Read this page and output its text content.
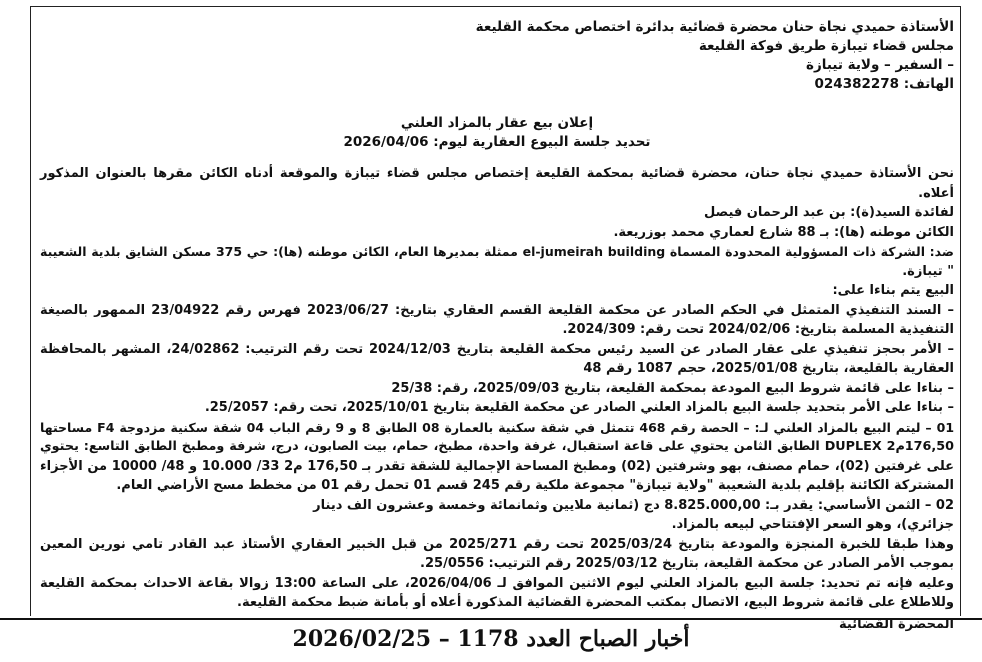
الأستاذة حميدي نجاة حنان محضرة قضائية بدائرة اختصاص محكمة القليعة
مجلس قضاء تيبازة طريق فوكة القليعة
– السفير – ولاية تيبازة
الهاتف: 024382278
إعلان بيع عقار بالمزاد العلني
تحديد جلسة البيوع العقارية ليوم: 2026/04/06
نحن الأستاذة حميدي نجاة حنان، محضرة قضائية بمحكمة القليعة إختصاص مجلس قضاء تيبازة والموقعة أدناه الكائن مقرها بالعنوان المذكور
أعلاه.
لفائدة السيد(ة): بن عبد الرحمان فيصل
الكائن موطنه (ها): بـ 88 شارع لعماري محمد بوزريعة.
ضد: الشركة ذات المسؤولية المحدودة المسماة el-jumeirah building ممثلة بمديرها العام، الكائن موطنه (ها): حي 375 مسكن الشايق بلدية الشعيبة
" تيبازة.
البيع يتم بناءا على:
– السند التنفيذي المتمثل في الحكم الصادر عن محكمة القليعة القسم العقاري بتاريخ: 2023/06/27 فهرس رقم 23/04922 الممهور بالصيغة
التنفيذية المسلمة بتاريخ: 2024/02/06 تحت رقم: 2024/309.
– الأمر بحجز تنفيذي على عقار الصادر عن السيد رئيس محكمة القليعة بتاريخ 2024/12/03 تحت رقم الترتيب: 24/02862، المشهر بالمحافظة
العقارية بالقليعة، بتاريخ 2025/01/08، حجم 1087 رقم 48
– بناءا على قائمة شروط البيع المودعة بمحكمة القليعة، بتاريخ 2025/09/03، رقم: 25/38
– بناءا على الأمر بتحديد جلسة البيع بالمزاد العلني الصادر عن محكمة القليعة بتاريخ 2025/10/01، تحت رقم: 25/2057.
01 – ليتم البيع بالمزاد العلني لـ: – الحصة رقم 468 تتمثل في شقة سكنية بالعمارة 08 الطابق 8 و 9 رقم الباب 04 شقة سكنية مزدوجة F4 مساحتها
176,50م2 DUPLEX الطابق الثامن يحتوي على قاعة استقبال، غرفة واحدة، مطبخ، حمام، بيت الصابون، درج، شرفة ومطبخ الطابق التاسع: يحتوي
على غرفتين (02)، حمام مصنف، بهو وشرفتين (02) ومطبخ المساحة الإجمالية للشقة تقدر بـ 176,50 م2 33/ 10.000 و 48/ 10000 من الأجزاء
المشتركة الكائنة بإقليم بلدية الشعيبة "ولاية تيبازة" مجموعة ملكية رقم 245 قسم 01 تحمل رقم 01 من مخطط مسح الأراضي العام.
02 – الثمن الأساسي: يقدر بـ: 8.825.000,00 دج (ثمانية ملايين وثمانمائة وخمسة وعشرون الف دينار
جزائري)، وهو السعر الإفتتاحي لبيعه بالمزاد.
وهذا طبقا للخبرة المنجزة والمودعة بتاريخ 2025/03/24 تحت رقم 2025/271 من قبل الخبير العقاري الأستاذ عبد القادر تامي نورين المعين
بموجب الأمر الصادر عن محكمة القليعة، بتاريخ 2025/03/12 رقم الترتيب: 25/0556.
وعليه فإنه تم تحديد: جلسة البيع بالمزاد العلني ليوم الاثنين الموافق لـ 2026/04/06، على الساعة 13:00 زوالا بقاعة الاحداث بمحكمة القليعة
وللاطلاع على قائمة شروط البيع، الاتصال بمكتب المحضرة القضائية المذكورة أعلاه أو بأمانة ضبط محكمة القليعة.
المحضرة القضائية
أخبار الصباح العدد 1178 – 2026/02/25
